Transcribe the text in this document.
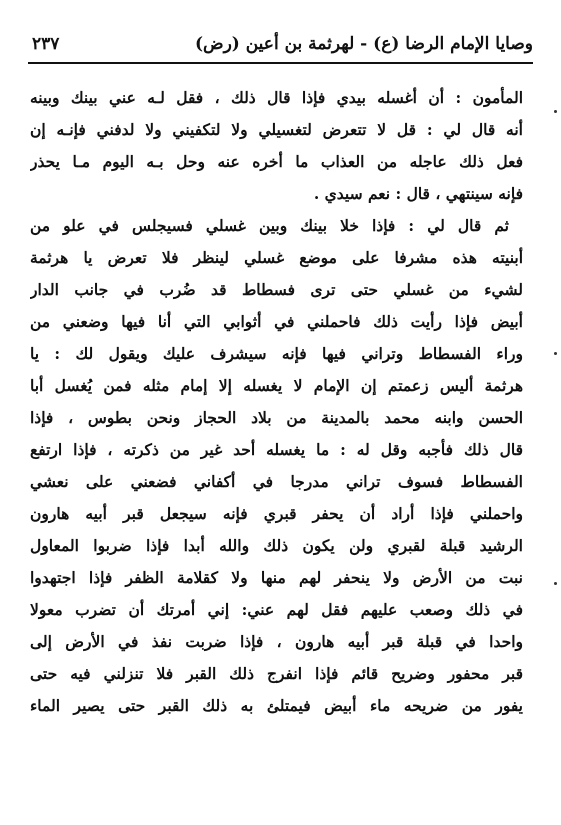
وصايا الإمام الرضا (ع) - لهرثمة بن أعين (رض)
٢٣٧
المأمون : أن أغسله بيدي فإذا قال ذلك ، فقل لـه عني بينك وبينه
أنه قال لي : قل لا تتعرض لتغسيلي ولا لتكفيني ولا لدفني فإنـه إن
فعل ذلك عاجله من العذاب ما أخره عنه وحل بـه اليوم مـا يحذر
فإنه سينتهي ، قال : نعم سيدي .
ثم قال لي : فإذا خلا بينك وبين غسلي فسيجلس في علو من
أبنيته هذه مشرفا على موضع غسلي لينظر فلا تعرض يا هرثمة
لشيء من غسلي حتى ترى فسطاط قد ضُرب في جانب الدار
أبيض فإذا رأيت ذلك فاحملني في أثوابي التي أنا فيها وضعني من
وراء الفسطاط وتراني فيها فإنه سيشرف عليك ويقول لك : يا
هرثمة أليس زعمتم إن الإمام لا يغسله إلا إمام مثله فمن يُغسل أبا
الحسن وابنه محمد بالمدينة من بلاد الحجاز ونحن بطوس ، فإذا
قال ذلك فأجبه وقل له : ما يغسله أحد غير من ذكرته ، فإذا ارتفع
الفسطاط فسوف تراني مدرجا في أكفاني فضعني على نعشي
واحملني فإذا أراد أن يحفر قبري فإنه سيجعل قبر أبيه هارون
الرشيد قبلة لقبري ولن يكون ذلك والله أبدا فإذا ضربوا المعاول
نبت من الأرض ولا ينحفر لهم منها ولا كقلامة الظفر فإذا اجتهدوا
في ذلك وصعب عليهم فقل لهم عني: إني أمرتك أن تضرب معولا
واحدا في قبلة قبر أبيه هارون ، فإذا ضربت نفذ في الأرض إلى
قبر محفور وضريح قائم فإذا انفرج ذلك القبر فلا تنزلني فيه حتى
يفور من ضريحه ماء أبيض فيمتلئ به ذلك القبر حتى يصير الماء
